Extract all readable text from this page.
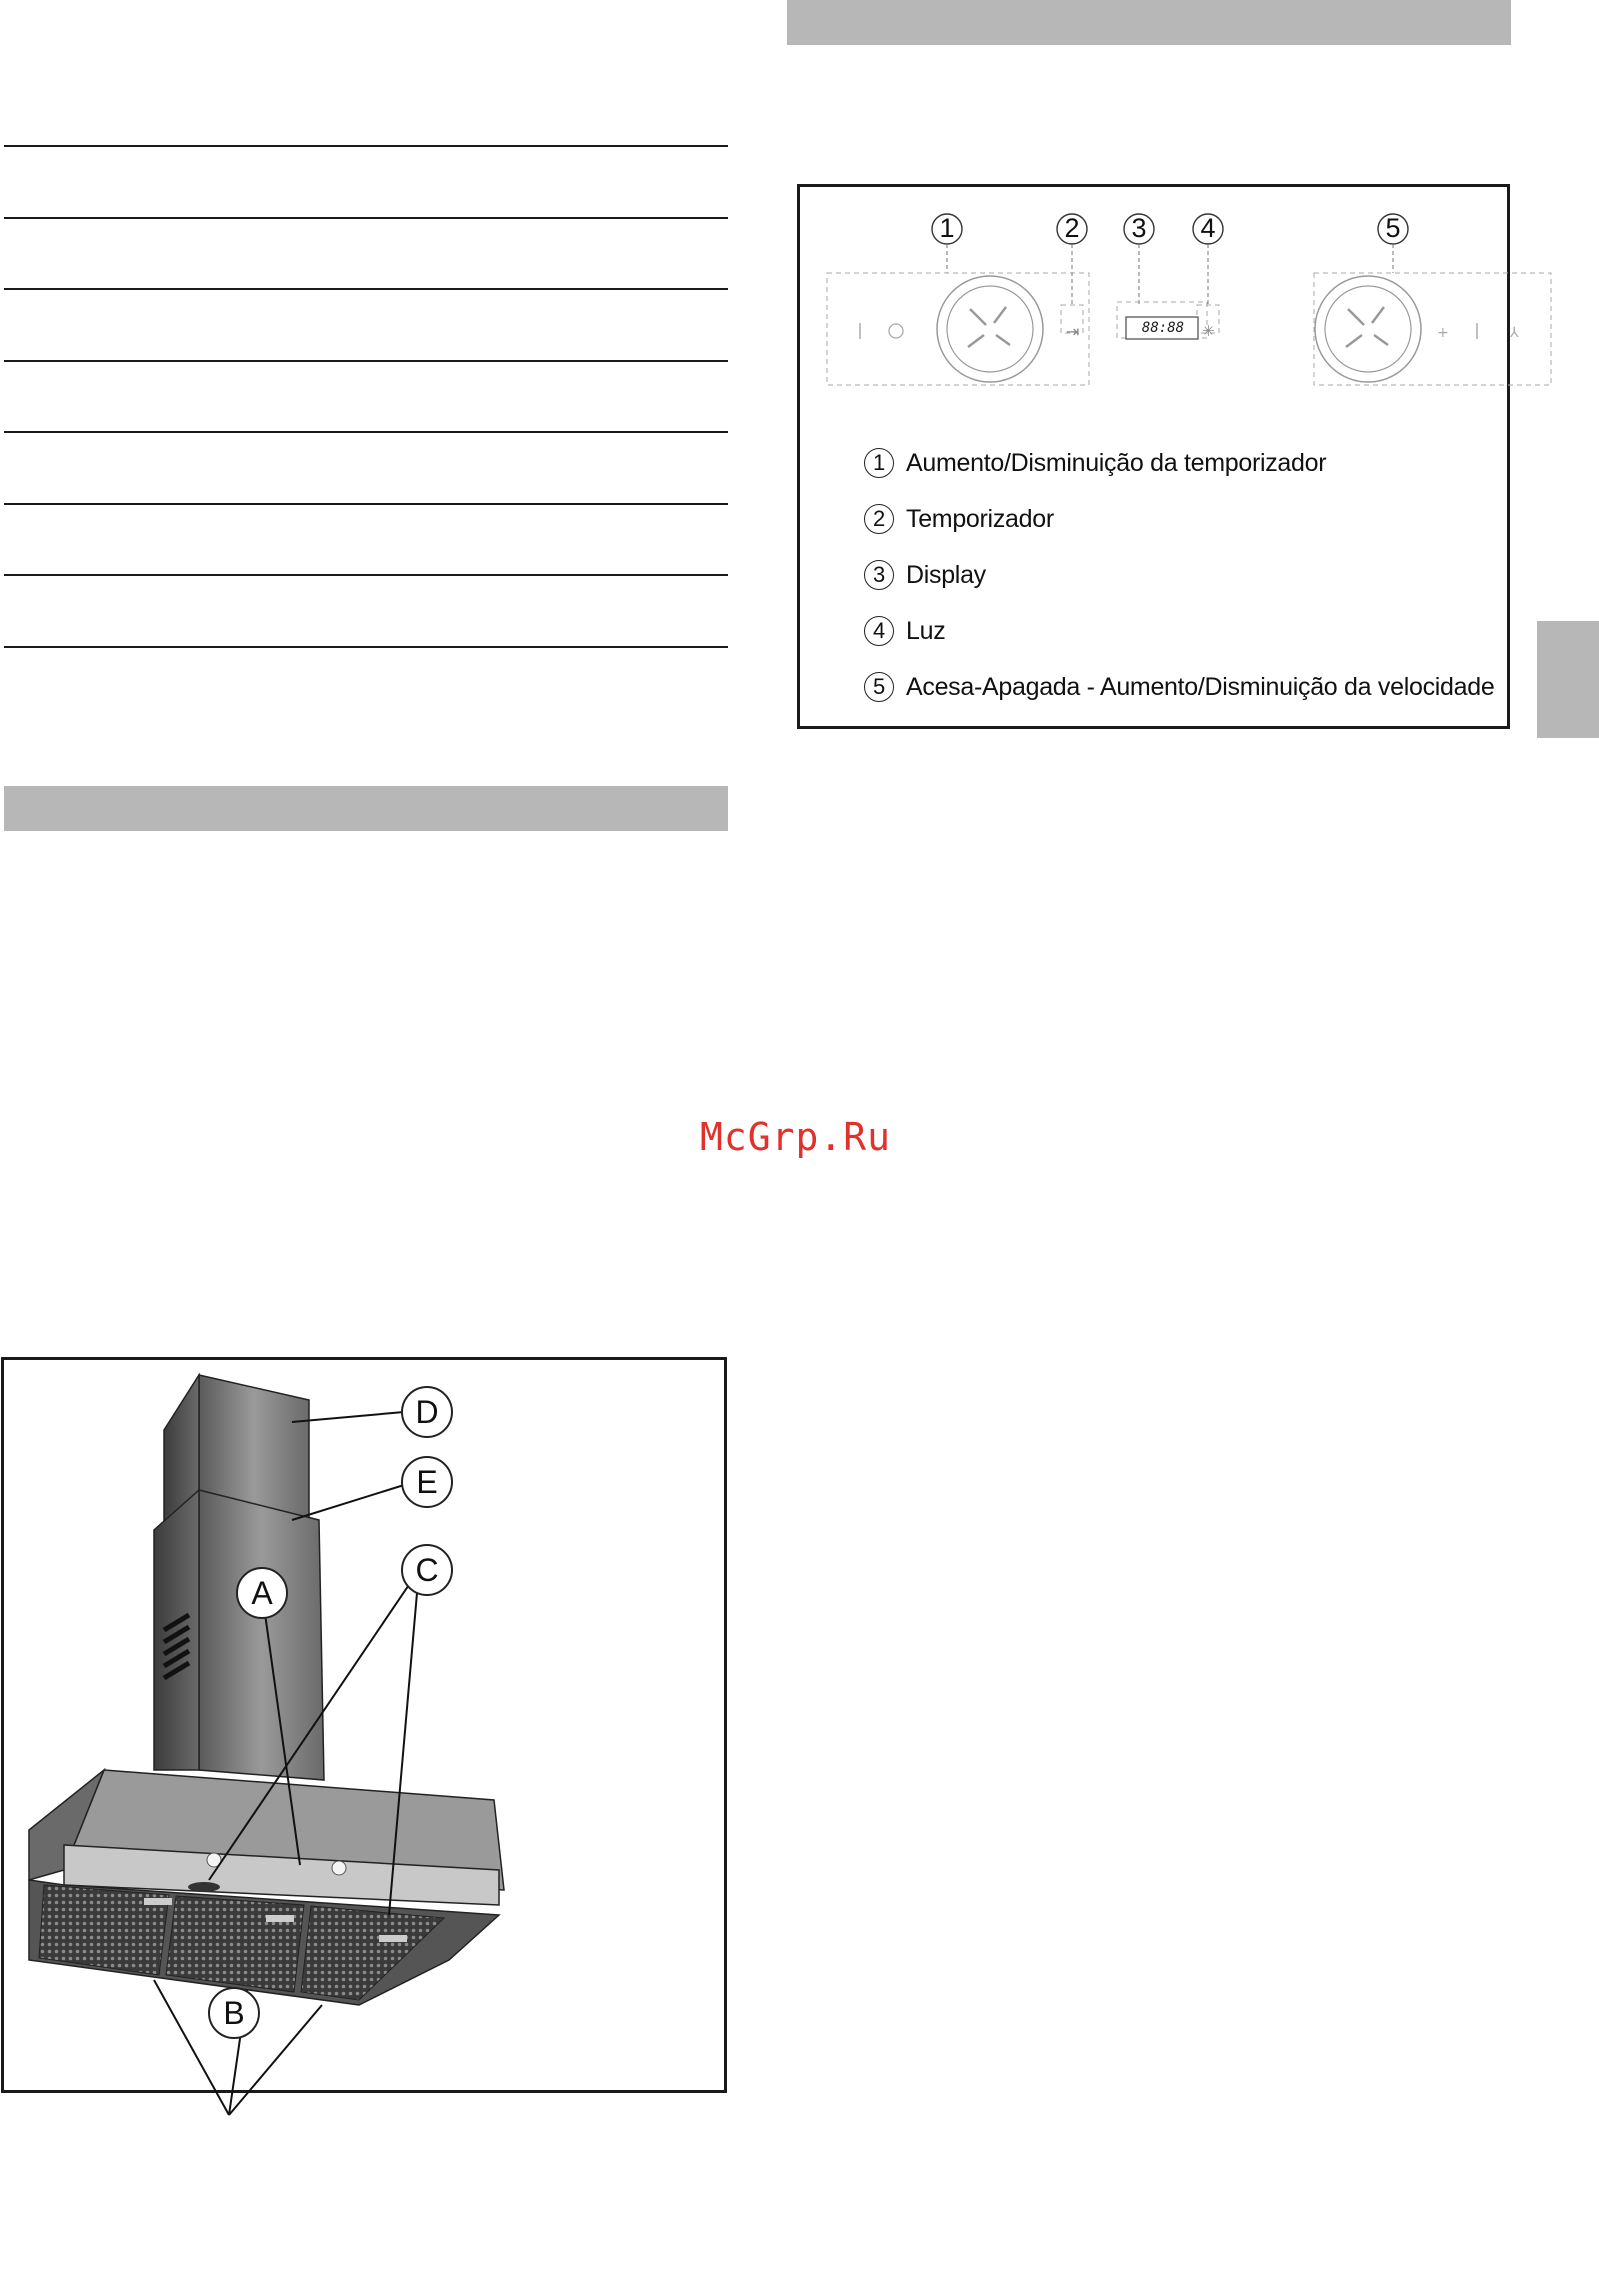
1	2 3 4	5
⇥	✳	+	⅄
88:88
1 Aumento/Disminuição da temporizador
2 Temporizador
3 Display
4 Luz
5 Acesa-Apagada - Aumento/Disminuição da velocidade
McGrp.Ru
D
E
C
A
B
